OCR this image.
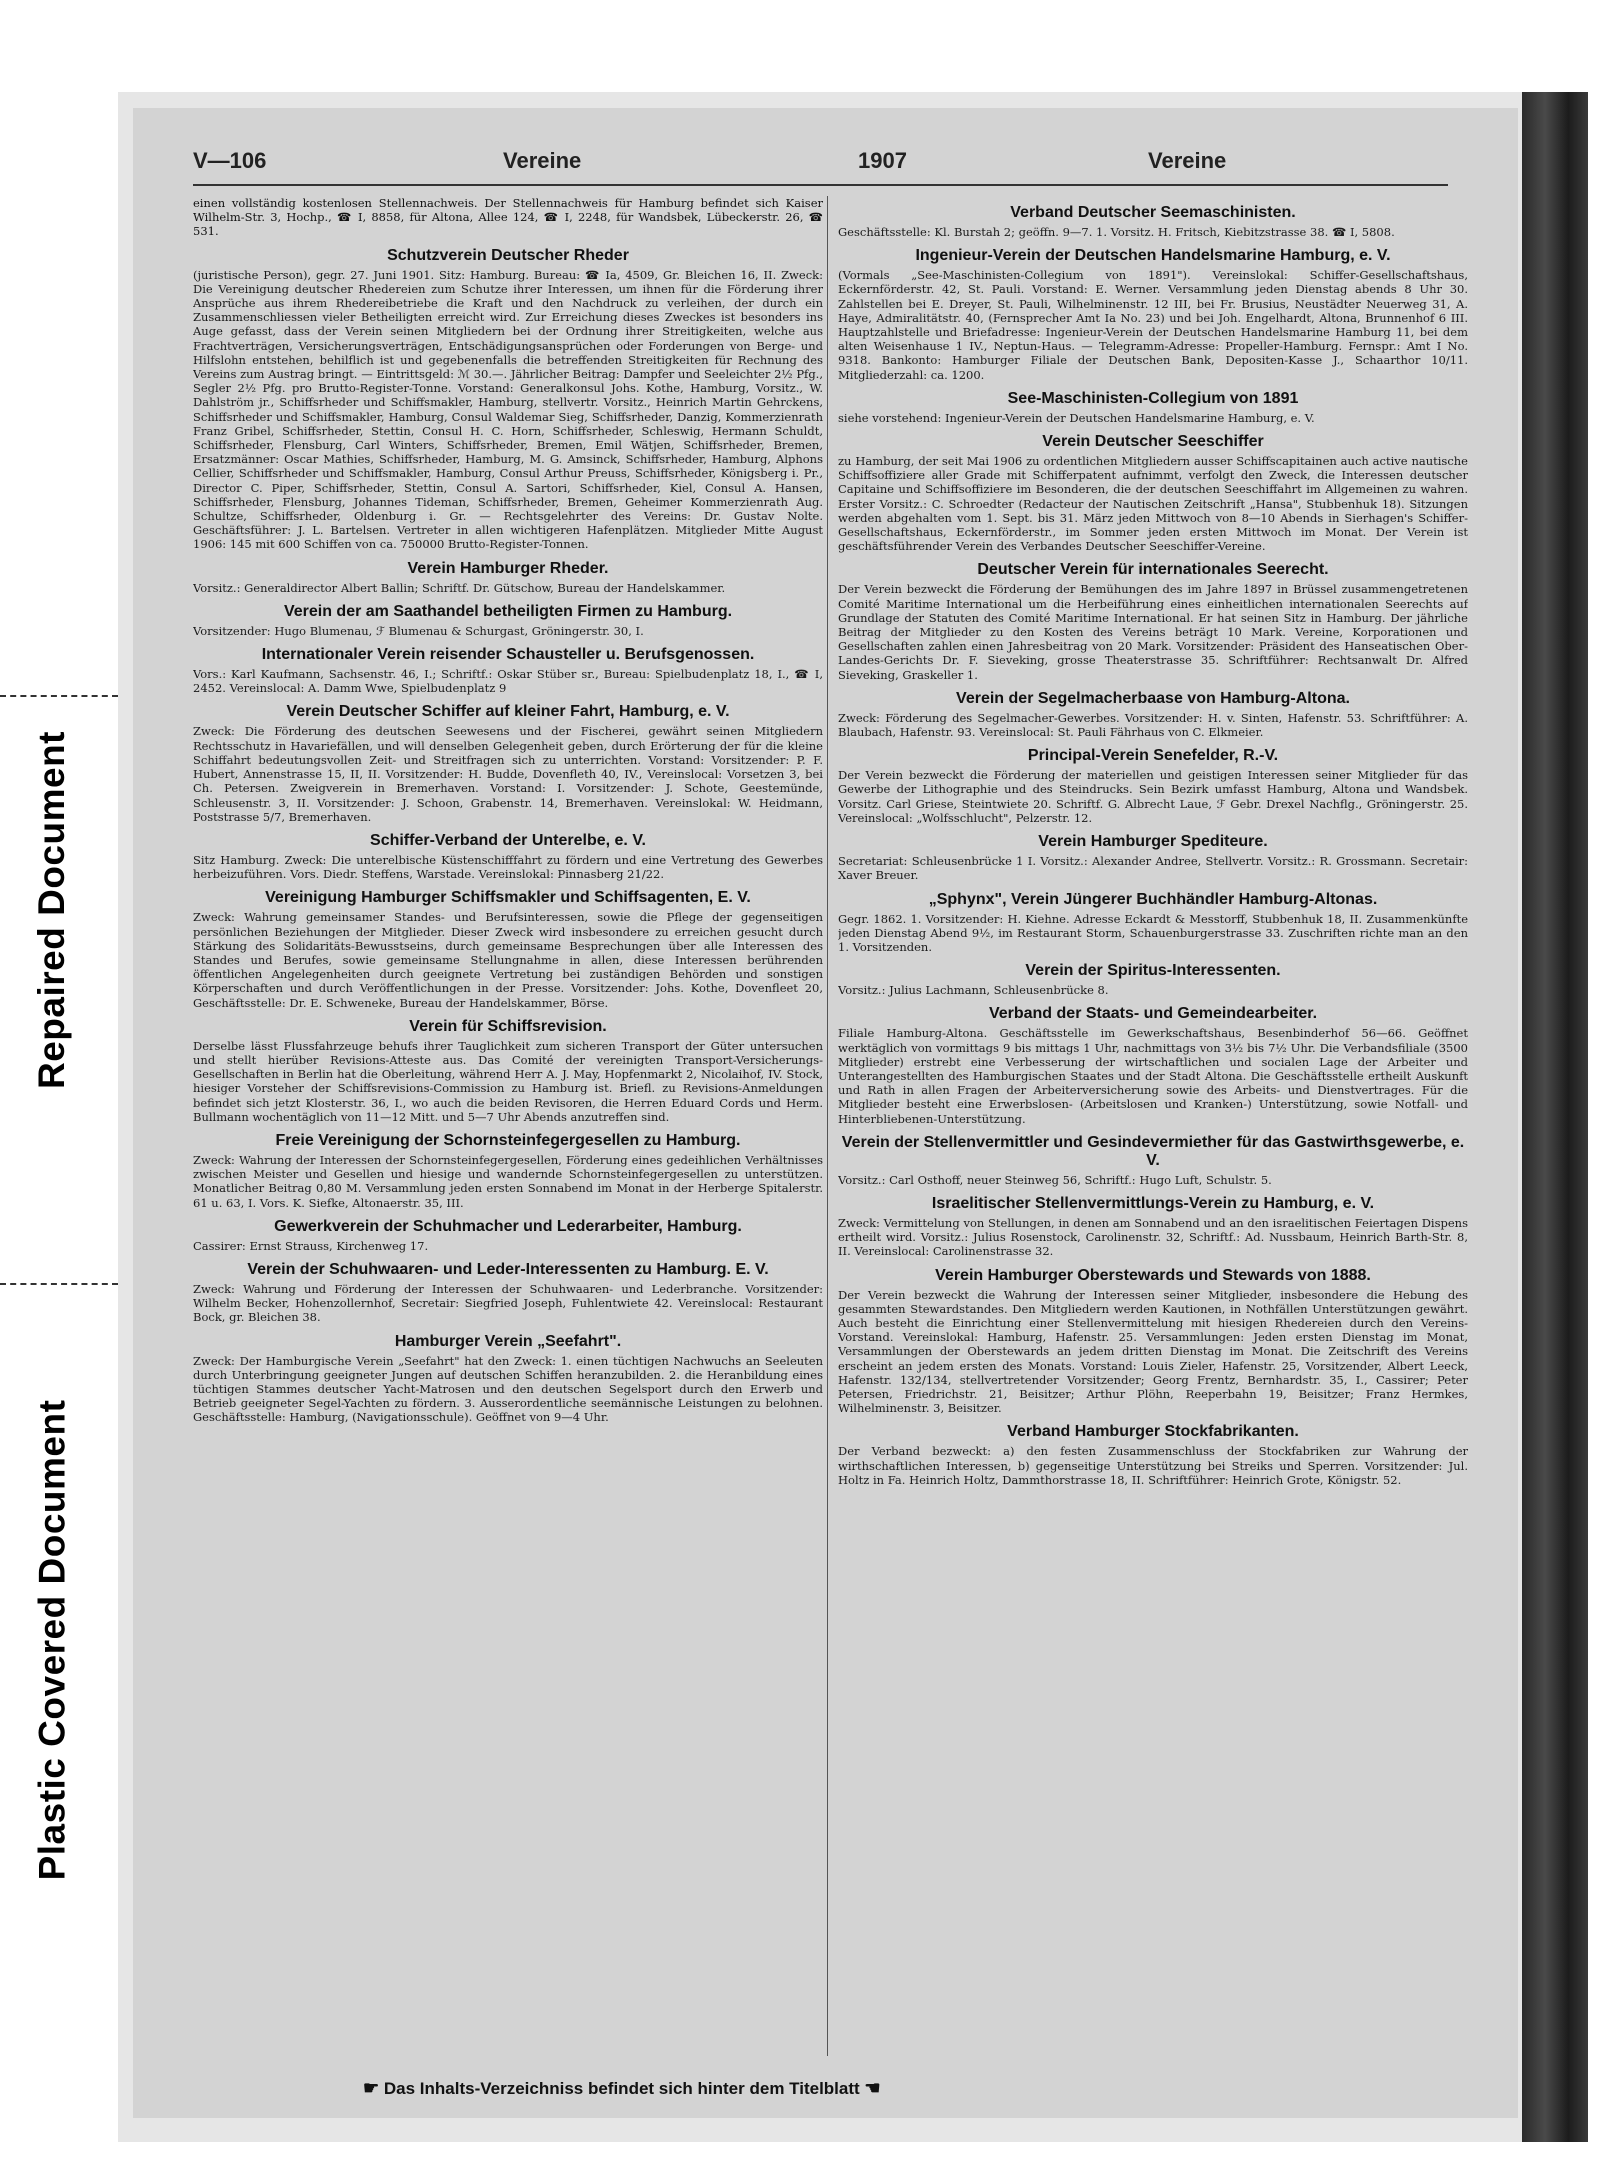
Repaired Document
Plastic Covered Document
V—106	Vereine	1907	Vereine

einen vollständig kostenlosen Stellennachweis. Der Stellennachweis für Hamburg befindet sich Kaiser Wilhelm-Str. 3, Hochp., ☎ I, 8858, für Altona, Allee 124, ☎ I, 2248, für Wandsbek, Lübeckerstr. 26, ☎ 531.

Schutzverein Deutscher Rheder

(juristische Person), gegr. 27. Juni 1901. Sitz: Hamburg. Bureau: ☎ Ia, 4509, Gr. Bleichen 16, II. Zweck: Die Vereinigung deutscher Rhedereien zum Schutze ihrer Interessen, um ihnen für die Förderung ihrer Ansprüche aus ihrem Rhedereibetriebe die Kraft und den Nachdruck zu verleihen, der durch ein Zusammenschliessen vieler Betheiligten erreicht wird. Zur Erreichung dieses Zweckes ist besonders ins Auge gefasst, dass der Verein seinen Mitgliedern bei der Ordnung ihrer Streitigkeiten, welche aus Frachtverträgen, Versicherungsverträgen, Entschädigungsansprüchen oder Forderungen von Berge- und Hilfslohn entstehen, behilflich ist und gegebenenfalls die betreffenden Streitigkeiten für Rechnung des Vereins zum Austrag bringt. — Eintrittsgeld: ℳ 30.—. Jährlicher Beitrag: Dampfer und Seeleichter 2½ Pfg., Segler 2½ Pfg. pro Brutto-Register-Tonne. Vorstand: Generalkonsul Johs. Kothe, Hamburg, Vorsitz., W. Dahlström jr., Schiffsrheder und Schiffsmakler, Hamburg, stellvertr. Vorsitz., Heinrich Martin Gehrckens, Schiffsrheder und Schiffsmakler, Hamburg, Consul Waldemar Sieg, Schiffsrheder, Danzig, Kommerzienrath Franz Gribel, Schiffsrheder, Stettin, Consul H. C. Horn, Schiffsrheder, Schleswig, Hermann Schuldt, Schiffsrheder, Flensburg, Carl Winters, Schiffsrheder, Bremen, Emil Wätjen, Schiffsrheder, Bremen, Ersatzmänner: Oscar Mathies, Schiffsrheder, Hamburg, M. G. Amsinck, Schiffsrheder, Hamburg, Alphons Cellier, Schiffsrheder und Schiffsmakler, Hamburg, Consul Arthur Preuss, Schiffsrheder, Königsberg i. Pr., Director C. Piper, Schiffsrheder, Stettin, Consul A. Sartori, Schiffsrheder, Kiel, Consul A. Hansen, Schiffsrheder, Flensburg, Johannes Tideman, Schiffsrheder, Bremen, Geheimer Kommerzienrath Aug. Schultze, Schiffsrheder, Oldenburg i. Gr. — Rechtsgelehrter des Vereins: Dr. Gustav Nolte. Geschäftsführer: J. L. Bartelsen. Vertreter in allen wichtigeren Hafenplätzen. Mitglieder Mitte August 1906: 145 mit 600 Schiffen von ca. 750000 Brutto-Register-Tonnen.

Verein Hamburger Rheder.

Vorsitz.: Generaldirector Albert Ballin; Schriftf. Dr. Gütschow, Bureau der Handelskammer.

Verein der am Saathandel betheiligten Firmen zu Hamburg.

Vorsitzender: Hugo Blumenau, ℱ Blumenau & Schurgast, Gröningerstr. 30, I.

Internationaler Verein reisender Schausteller u. Berufsgenossen.

Vors.: Karl Kaufmann, Sachsenstr. 46, I.; Schriftf.: Oskar Stüber sr., Bureau: Spielbudenplatz 18, I., ☎ I, 2452. Vereinslocal: A. Damm Wwe, Spielbudenplatz 9

Verein Deutscher Schiffer auf kleiner Fahrt, Hamburg, e. V.

Zweck: Die Förderung des deutschen Seewesens und der Fischerei, gewährt seinen Mitgliedern Rechtsschutz in Havariefällen, und will denselben Gelegenheit geben, durch Erörterung der für die kleine Schiffahrt bedeutungsvollen Zeit- und Streitfragen sich zu unterrichten. Vorstand: Vorsitzender: P. F. Hubert, Annenstrasse 15, II, II. Vorsitzender: H. Budde, Dovenfleth 40, IV., Vereinslocal: Vorsetzen 3, bei Ch. Petersen. Zweigverein in Bremerhaven. Vorstand: I. Vorsitzender: J. Schote, Geestemünde, Schleusenstr. 3, II. Vorsitzender: J. Schoon, Grabenstr. 14, Bremerhaven. Vereinslokal: W. Heidmann, Poststrasse 5/7, Bremerhaven.

Schiffer-Verband der Unterelbe, e. V.

Sitz Hamburg. Zweck: Die unterelbische Küstenschifffahrt zu fördern und eine Vertretung des Gewerbes herbeizuführen. Vors. Diedr. Steffens, Warstade. Vereinslokal: Pinnasberg 21/22.

Vereinigung Hamburger Schiffsmakler und Schiffsagenten, E. V.

Zweck: Wahrung gemeinsamer Standes- und Berufsinteressen, sowie die Pflege der gegenseitigen persönlichen Beziehungen der Mitglieder. Dieser Zweck wird insbesondere zu erreichen gesucht durch Stärkung des Solidaritäts-Bewusstseins, durch gemeinsame Besprechungen über alle Interessen des Standes und Berufes, sowie gemeinsame Stellungnahme in allen, diese Interessen berührenden öffentlichen Angelegenheiten durch geeignete Vertretung bei zuständigen Behörden und sonstigen Körperschaften und durch Veröffentlichungen in der Presse. Vorsitzender: Johs. Kothe, Dovenfleet 20, Geschäftsstelle: Dr. E. Schweneke, Bureau der Handelskammer, Börse.

Verein für Schiffsrevision.

Derselbe lässt Flussfahrzeuge behufs ihrer Tauglichkeit zum sicheren Transport der Güter untersuchen und stellt hierüber Revisions-Atteste aus. Das Comité der vereinigten Transport-Versicherungs-Gesellschaften in Berlin hat die Oberleitung, während Herr A. J. May, Hopfenmarkt 2, Nicolaihof, IV. Stock, hiesiger Vorsteher der Schiffsrevisions-Commission zu Hamburg ist. Briefl. zu Revisions-Anmeldungen befindet sich jetzt Klosterstr. 36, I., wo auch die beiden Revisoren, die Herren Eduard Cords und Herm. Bullmann wochentäglich von 11—12 Mitt. und 5—7 Uhr Abends anzutreffen sind.

Freie Vereinigung der Schornsteinfegergesellen zu Hamburg.

Zweck: Wahrung der Interessen der Schornsteinfegergesellen, Förderung eines gedeihlichen Verhältnisses zwischen Meister und Gesellen und hiesige und wandernde Schornsteinfegergesellen zu unterstützen. Monatlicher Beitrag 0,80 M. Versammlung jeden ersten Sonnabend im Monat in der Herberge Spitalerstr. 61 u. 63, I. Vors. K. Siefke, Altonaerstr. 35, III.

Gewerkverein der Schuhmacher und Lederarbeiter, Hamburg.

Cassirer: Ernst Strauss, Kirchenweg 17.

Verein der Schuhwaaren- und Leder-Interessenten zu Hamburg. E. V.

Zweck: Wahrung und Förderung der Interessen der Schuhwaaren- und Lederbranche. Vorsitzender: Wilhelm Becker, Hohenzollernhof, Secretair: Siegfried Joseph, Fuhlentwiete 42. Vereinslocal: Restaurant Bock, gr. Bleichen 38.

Hamburger Verein „Seefahrt".

Zweck: Der Hamburgische Verein „Seefahrt" hat den Zweck: 1. einen tüchtigen Nachwuchs an Seeleuten durch Unterbringung geeigneter Jungen auf deutschen Schiffen heranzubilden. 2. die Heranbildung eines tüchtigen Stammes deutscher Yacht-Matrosen und den deutschen Segelsport durch den Erwerb und Betrieb geeigneter Segel-Yachten zu fördern. 3. Ausserordentliche seemännische Leistungen zu belohnen. Geschäftsstelle: Hamburg, (Navigationsschule). Geöffnet von 9—4 Uhr.

Verband Deutscher Seemaschinisten.

Geschäftsstelle: Kl. Burstah 2; geöffn. 9—7. 1. Vorsitz. H. Fritsch, Kiebitzstrasse 38. ☎ I, 5808.

Ingenieur-Verein der Deutschen Handelsmarine Hamburg, e. V.

(Vormals „See-Maschinisten-Collegium von 1891"). Vereinslokal: Schiffer-Gesellschaftshaus, Eckernförderstr. 42, St. Pauli. Vorstand: E. Werner. Versammlung jeden Dienstag abends 8 Uhr 30. Zahlstellen bei E. Dreyer, St. Pauli, Wilhelminenstr. 12 III, bei Fr. Brusius, Neustädter Neuerweg 31, A. Haye, Admiralitätstr. 40, (Fernsprecher Amt Ia No. 23) und bei Joh. Engelhardt, Altona, Brunnenhof 6 III. Hauptzahlstelle und Briefadresse: Ingenieur-Verein der Deutschen Handelsmarine Hamburg 11, bei dem alten Weisenhause 1 IV., Neptun-Haus. — Telegramm-Adresse: Propeller-Hamburg. Fernspr.: Amt I No. 9318. Bankonto: Hamburger Filiale der Deutschen Bank, Depositen-Kasse J., Schaarthor 10/11. Mitgliederzahl: ca. 1200.

See-Maschinisten-Collegium von 1891

siehe vorstehend: Ingenieur-Verein der Deutschen Handelsmarine Hamburg, e. V.

Verein Deutscher Seeschiffer

zu Hamburg, der seit Mai 1906 zu ordentlichen Mitgliedern ausser Schiffscapitainen auch active nautische Schiffsoffiziere aller Grade mit Schifferpatent aufnimmt, verfolgt den Zweck, die Interessen deutscher Capitaine und Schiffsoffiziere im Besonderen, die der deutschen Seeschiffahrt im Allgemeinen zu wahren. Erster Vorsitz.: C. Schroedter (Redacteur der Nautischen Zeitschrift „Hansa", Stubbenhuk 18). Sitzungen werden abgehalten vom 1. Sept. bis 31. März jeden Mittwoch von 8—10 Abends in Sierhagen's Schiffer-Gesellschaftshaus, Eckernförderstr., im Sommer jeden ersten Mittwoch im Monat. Der Verein ist geschäftsführender Verein des Verbandes Deutscher Seeschiffer-Vereine.

Deutscher Verein für internationales Seerecht.

Der Verein bezweckt die Förderung der Bemühungen des im Jahre 1897 in Brüssel zusammengetretenen Comité Maritime International um die Herbeiführung eines einheitlichen internationalen Seerechts auf Grundlage der Statuten des Comité Maritime International. Er hat seinen Sitz in Hamburg. Der jährliche Beitrag der Mitglieder zu den Kosten des Vereins beträgt 10 Mark. Vereine, Korporationen und Gesellschaften zahlen einen Jahresbeitrag von 20 Mark. Vorsitzender: Präsident des Hanseatischen Ober-Landes-Gerichts Dr. F. Sieveking, grosse Theaterstrasse 35. Schriftführer: Rechtsanwalt Dr. Alfred Sieveking, Graskeller 1.

Verein der Segelmacherbaase von Hamburg-Altona.

Zweck: Förderung des Segelmacher-Gewerbes. Vorsitzender: H. v. Sinten, Hafenstr. 53. Schriftführer: A. Blaubach, Hafenstr. 93. Vereinslocal: St. Pauli Fährhaus von C. Elkmeier.

Principal-Verein Senefelder, R.-V.

Der Verein bezweckt die Förderung der materiellen und geistigen Interessen seiner Mitglieder für das Gewerbe der Lithographie und des Steindrucks. Sein Bezirk umfasst Hamburg, Altona und Wandsbek. Vorsitz. Carl Griese, Steintwiete 20. Schriftf. G. Albrecht Laue, ℱ Gebr. Drexel Nachflg., Gröningerstr. 25. Vereinslocal: „Wolfsschlucht", Pelzerstr. 12.

Verein Hamburger Spediteure.

Secretariat: Schleusenbrücke 1 I. Vorsitz.: Alexander Andree, Stellvertr. Vorsitz.: R. Grossmann. Secretair: Xaver Breuer.

„Sphynx", Verein Jüngerer Buchhändler Hamburg-Altonas.

Gegr. 1862. 1. Vorsitzender: H. Kiehne. Adresse Eckardt & Messtorff, Stubbenhuk 18, II. Zusammenkünfte jeden Dienstag Abend 9½, im Restaurant Storm, Schauenburgerstrasse 33. Zuschriften richte man an den 1. Vorsitzenden.

Verein der Spiritus-Interessenten.

Vorsitz.: Julius Lachmann, Schleusenbrücke 8.

Verband der Staats- und Gemeindearbeiter.

Filiale Hamburg-Altona. Geschäftsstelle im Gewerkschaftshaus, Besenbinderhof 56—66. Geöffnet werktäglich von vormittags 9 bis mittags 1 Uhr, nachmittags von 3½ bis 7½ Uhr. Die Verbandsfiliale (3500 Mitglieder) erstrebt eine Verbesserung der wirtschaftlichen und socialen Lage der Arbeiter und Unterangestellten des Hamburgischen Staates und der Stadt Altona. Die Geschäftsstelle ertheilt Auskunft und Rath in allen Fragen der Arbeiterversicherung sowie des Arbeits- und Dienstvertrages. Für die Mitglieder besteht eine Erwerbslosen- (Arbeitslosen und Kranken-) Unterstützung, sowie Notfall- und Hinterbliebenen-Unterstützung.

Verein der Stellenvermittler und Gesindevermiether für das Gastwirthsgewerbe, e. V.

Vorsitz.: Carl Osthoff, neuer Steinweg 56, Schriftf.: Hugo Luft, Schulstr. 5.

Israelitischer Stellenvermittlungs-Verein zu Hamburg, e. V.

Zweck: Vermittelung von Stellungen, in denen am Sonnabend und an den israelitischen Feiertagen Dispens ertheilt wird. Vorsitz.: Julius Rosenstock, Carolinenstr. 32, Schriftf.: Ad. Nussbaum, Heinrich Barth-Str. 8, II. Vereinslocal: Carolinenstrasse 32.

Verein Hamburger Oberstewards und Stewards von 1888.

Der Verein bezweckt die Wahrung der Interessen seiner Mitglieder, insbesondere die Hebung des gesammten Stewardstandes. Den Mitgliedern werden Kautionen, in Nothfällen Unterstützungen gewährt. Auch besteht die Einrichtung einer Stellenvermittelung mit hiesigen Rhedereien durch den Vereins-Vorstand. Vereinslokal: Hamburg, Hafenstr. 25. Versammlungen: Jeden ersten Dienstag im Monat, Versammlungen der Oberstewards an jedem dritten Dienstag im Monat. Die Zeitschrift des Vereins erscheint an jedem ersten des Monats. Vorstand: Louis Zieler, Hafenstr. 25, Vorsitzender, Albert Leeck, Hafenstr. 132/134, stellvertretender Vorsitzender; Georg Frentz, Bernhardstr. 35, I., Cassirer; Peter Petersen, Friedrichstr. 21, Beisitzer; Arthur Plöhn, Reeperbahn 19, Beisitzer; Franz Hermkes, Wilhelminenstr. 3, Beisitzer.

Verband Hamburger Stockfabrikanten.

Der Verband bezweckt: a) den festen Zusammenschluss der Stockfabriken zur Wahrung der wirthschaftlichen Interessen, b) gegenseitige Unterstützung bei Streiks und Sperren. Vorsitzender: Jul. Holtz in Fa. Heinrich Holtz, Dammthorstrasse 18, II. Schriftführer: Heinrich Grote, Königstr. 52.

☛ Das Inhalts-Verzeichniss befindet sich hinter dem Titelblatt ☚
